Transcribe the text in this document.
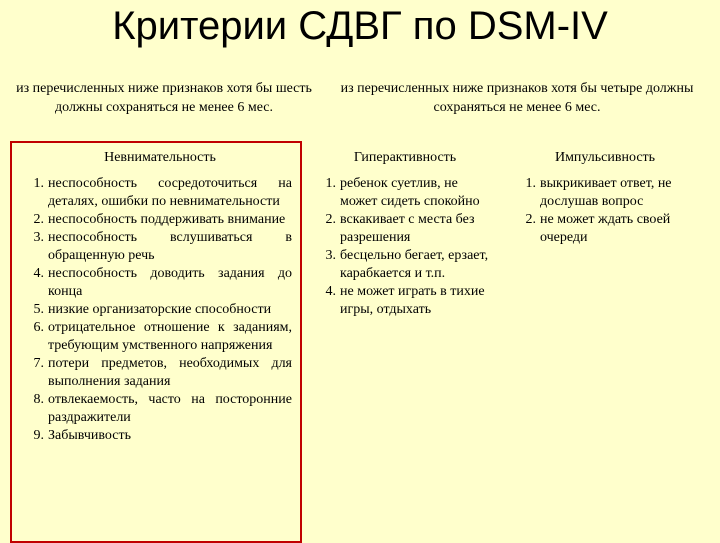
Критерии СДВГ по DSM-IV
из перечисленных ниже признаков хотя бы шесть должны сохраняться не менее 6 мес.
из перечисленных ниже признаков хотя бы четыре должны сохраняться не менее 6 мес.
Невнимательность	Гиперактивность	Импульсивность
1. неспособность сосредоточиться на деталях, ошибки по невнимательности
2. неспособность поддерживать внимание
3. неспособность вслушиваться в обращенную речь
4. неспособность доводить задания до конца
5. низкие организаторские способности
6. отрицательное отношение к заданиям, требующим умственного напряжения
7. потери предметов, необходимых для выполнения задания
8. отвлекаемость, часто на посторонние раздражители
9. Забывчивость
1. ребенок суетлив, не может сидеть спокойно
2. вскакивает с места без разрешения
3. бесцельно бегает, ерзает, карабкается и т.п.
4. не может играть в тихие игры, отдыхать
1. выкрикивает ответ, не дослушав вопрос
2. не может ждать своей очереди
